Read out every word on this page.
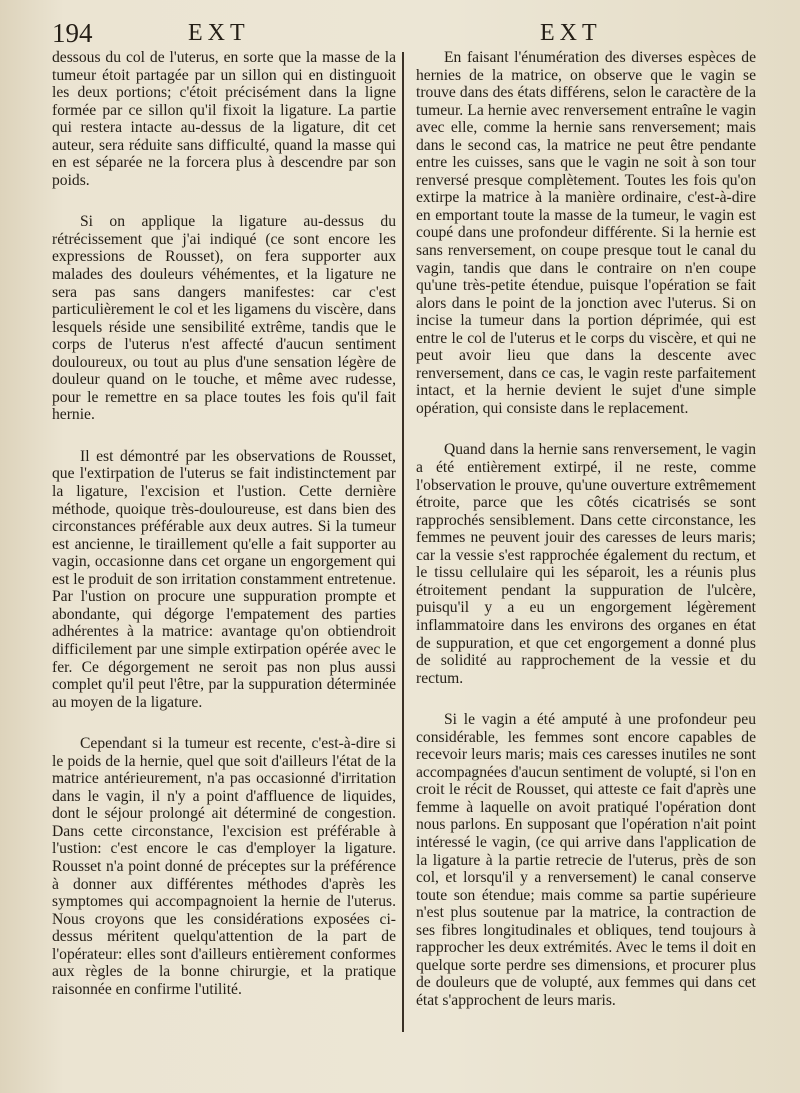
194	EXT	EXT

dessous du col de l'uterus, en sorte que la masse de la tumeur étoit partagée par un sillon qui en distinguoit les deux portions; c'étoit précisément dans la ligne formée par ce sillon qu'il fixoit la ligature. La partie qui restera intacte au-dessus de la ligature, dit cet auteur, sera réduite sans difficulté, quand la masse qui en est séparée ne la forcera plus à descendre par son poids.

Si on applique la ligature au-dessus du rétrécissement que j'ai indiqué (ce sont encore les expressions de Rousset), on fera supporter aux malades des douleurs véhémentes, et la ligature ne sera pas sans dangers manifestes: car c'est particulièrement le col et les ligamens du viscère, dans lesquels réside une sensibilité extrême, tandis que le corps de l'uterus n'est affecté d'aucun sentiment douloureux, ou tout au plus d'une sensation légère de douleur quand on le touche, et même avec rudesse, pour le remettre en sa place toutes les fois qu'il fait hernie.

Il est démontré par les observations de Rousset, que l'extirpation de l'uterus se fait indistinctement par la ligature, l'excision et l'ustion. Cette dernière méthode, quoique très-douloureuse, est dans bien des circonstances préférable aux deux autres. Si la tumeur est ancienne, le tiraillement qu'elle a fait supporter au vagin, occasionne dans cet organe un engorgement qui est le produit de son irritation constamment entretenue. Par l'ustion on procure une suppuration prompte et abondante, qui dégorge l'empatement des parties adhérentes à la matrice: avantage qu'on obtiendroit difficilement par une simple extirpation opérée avec le fer. Ce dégorgement ne seroit pas non plus aussi complet qu'il peut l'être, par la suppuration déterminée au moyen de la ligature.

Cependant si la tumeur est recente, c'est-à-dire si le poids de la hernie, quel que soit d'ailleurs l'état de la matrice antérieurement, n'a pas occasionné d'irritation dans le vagin, il n'y a point d'affluence de liquides, dont le séjour prolongé ait déterminé de congestion. Dans cette circonstance, l'excision est préférable à l'ustion: c'est encore le cas d'employer la ligature. Rousset n'a point donné de préceptes sur la préférence à donner aux différentes méthodes d'après les symptomes qui accompagnoient la hernie de l'uterus. Nous croyons que les considérations exposées ci-dessus méritent quelqu'attention de la part de l'opérateur: elles sont d'ailleurs entièrement conformes aux règles de la bonne chirurgie, et la pratique raisonnée en confirme l'utilité.

En faisant l'énumération des diverses espèces de hernies de la matrice, on observe que le vagin se trouve dans des états différens, selon le caractère de la tumeur. La hernie avec renversement entraîne le vagin avec elle, comme la hernie sans renversement; mais dans le second cas, la matrice ne peut être pendante entre les cuisses, sans que le vagin ne soit à son tour renversé presque complètement. Toutes les fois qu'on extirpe la matrice à la manière ordinaire, c'est-à-dire en emportant toute la masse de la tumeur, le vagin est coupé dans une profondeur différente. Si la hernie est sans renversement, on coupe presque tout le canal du vagin, tandis que dans le contraire on n'en coupe qu'une très-petite étendue, puisque l'opération se fait alors dans le point de la jonction avec l'uterus. Si on incise la tumeur dans la portion déprimée, qui est entre le col de l'uterus et le corps du viscère, et qui ne peut avoir lieu que dans la descente avec renversement, dans ce cas, le vagin reste parfaitement intact, et la hernie devient le sujet d'une simple opération, qui consiste dans le replacement.

Quand dans la hernie sans renversement, le vagin a été entièrement extirpé, il ne reste, comme l'observation le prouve, qu'une ouverture extrêmement étroite, parce que les côtés cicatrisés se sont rapprochés sensiblement. Dans cette circonstance, les femmes ne peuvent jouir des caresses de leurs maris; car la vessie s'est rapprochée également du rectum, et le tissu cellulaire qui les séparoit, les a réunis plus étroitement pendant la suppuration de l'ulcère, puisqu'il y a eu un engorgement légèrement inflammatoire dans les environs des organes en état de suppuration, et que cet engorgement a donné plus de solidité au rapprochement de la vessie et du rectum.

Si le vagin a été amputé à une profondeur peu considérable, les femmes sont encore capables de recevoir leurs maris; mais ces caresses inutiles ne sont accompagnées d'aucun sentiment de volupté, si l'on en croit le récit de Rousset, qui atteste ce fait d'après une femme à laquelle on avoit pratiqué l'opération dont nous parlons. En supposant que l'opération n'ait point intéressé le vagin, (ce qui arrive dans l'application de la ligature à la partie retrecie de l'uterus, près de son col, et lorsqu'il y a renversement) le canal conserve toute son étendue; mais comme sa partie supérieure n'est plus soutenue par la matrice, la contraction de ses fibres longitudinales et obliques, tend toujours à rapprocher les deux extrémités. Avec le tems il doit en quelque sorte perdre ses dimensions, et procurer plus de douleurs que de volupté, aux femmes qui dans cet état s'approchent de leurs maris.
